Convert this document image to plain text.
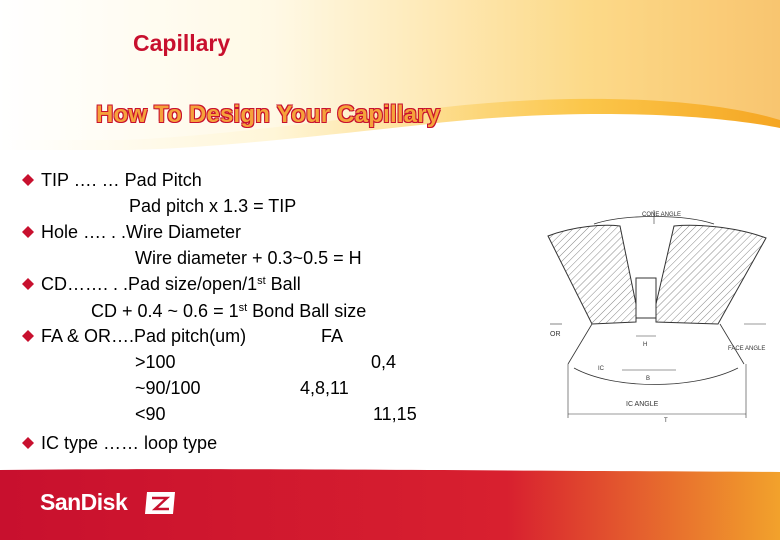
Capillary
How To Design Your Capillary
TIP …. … Pad Pitch
Pad pitch x 1.3 = TIP
Hole …. . .Wire Diameter
Wire diameter + 0.3~0.5 = H
CD……. . .Pad size/open/1st Ball
CD + 0.4 ~ 0.6 = 1st Bond Ball size
FA & OR….Pad pitch(um)	FA
>100	0,4
~90/100	4,8,11
<90	11,15
IC type …… loop type
CONE ANGLE
OR
H
IC
B
IC ANGLE
T
FACE ANGLE
SanDisk
